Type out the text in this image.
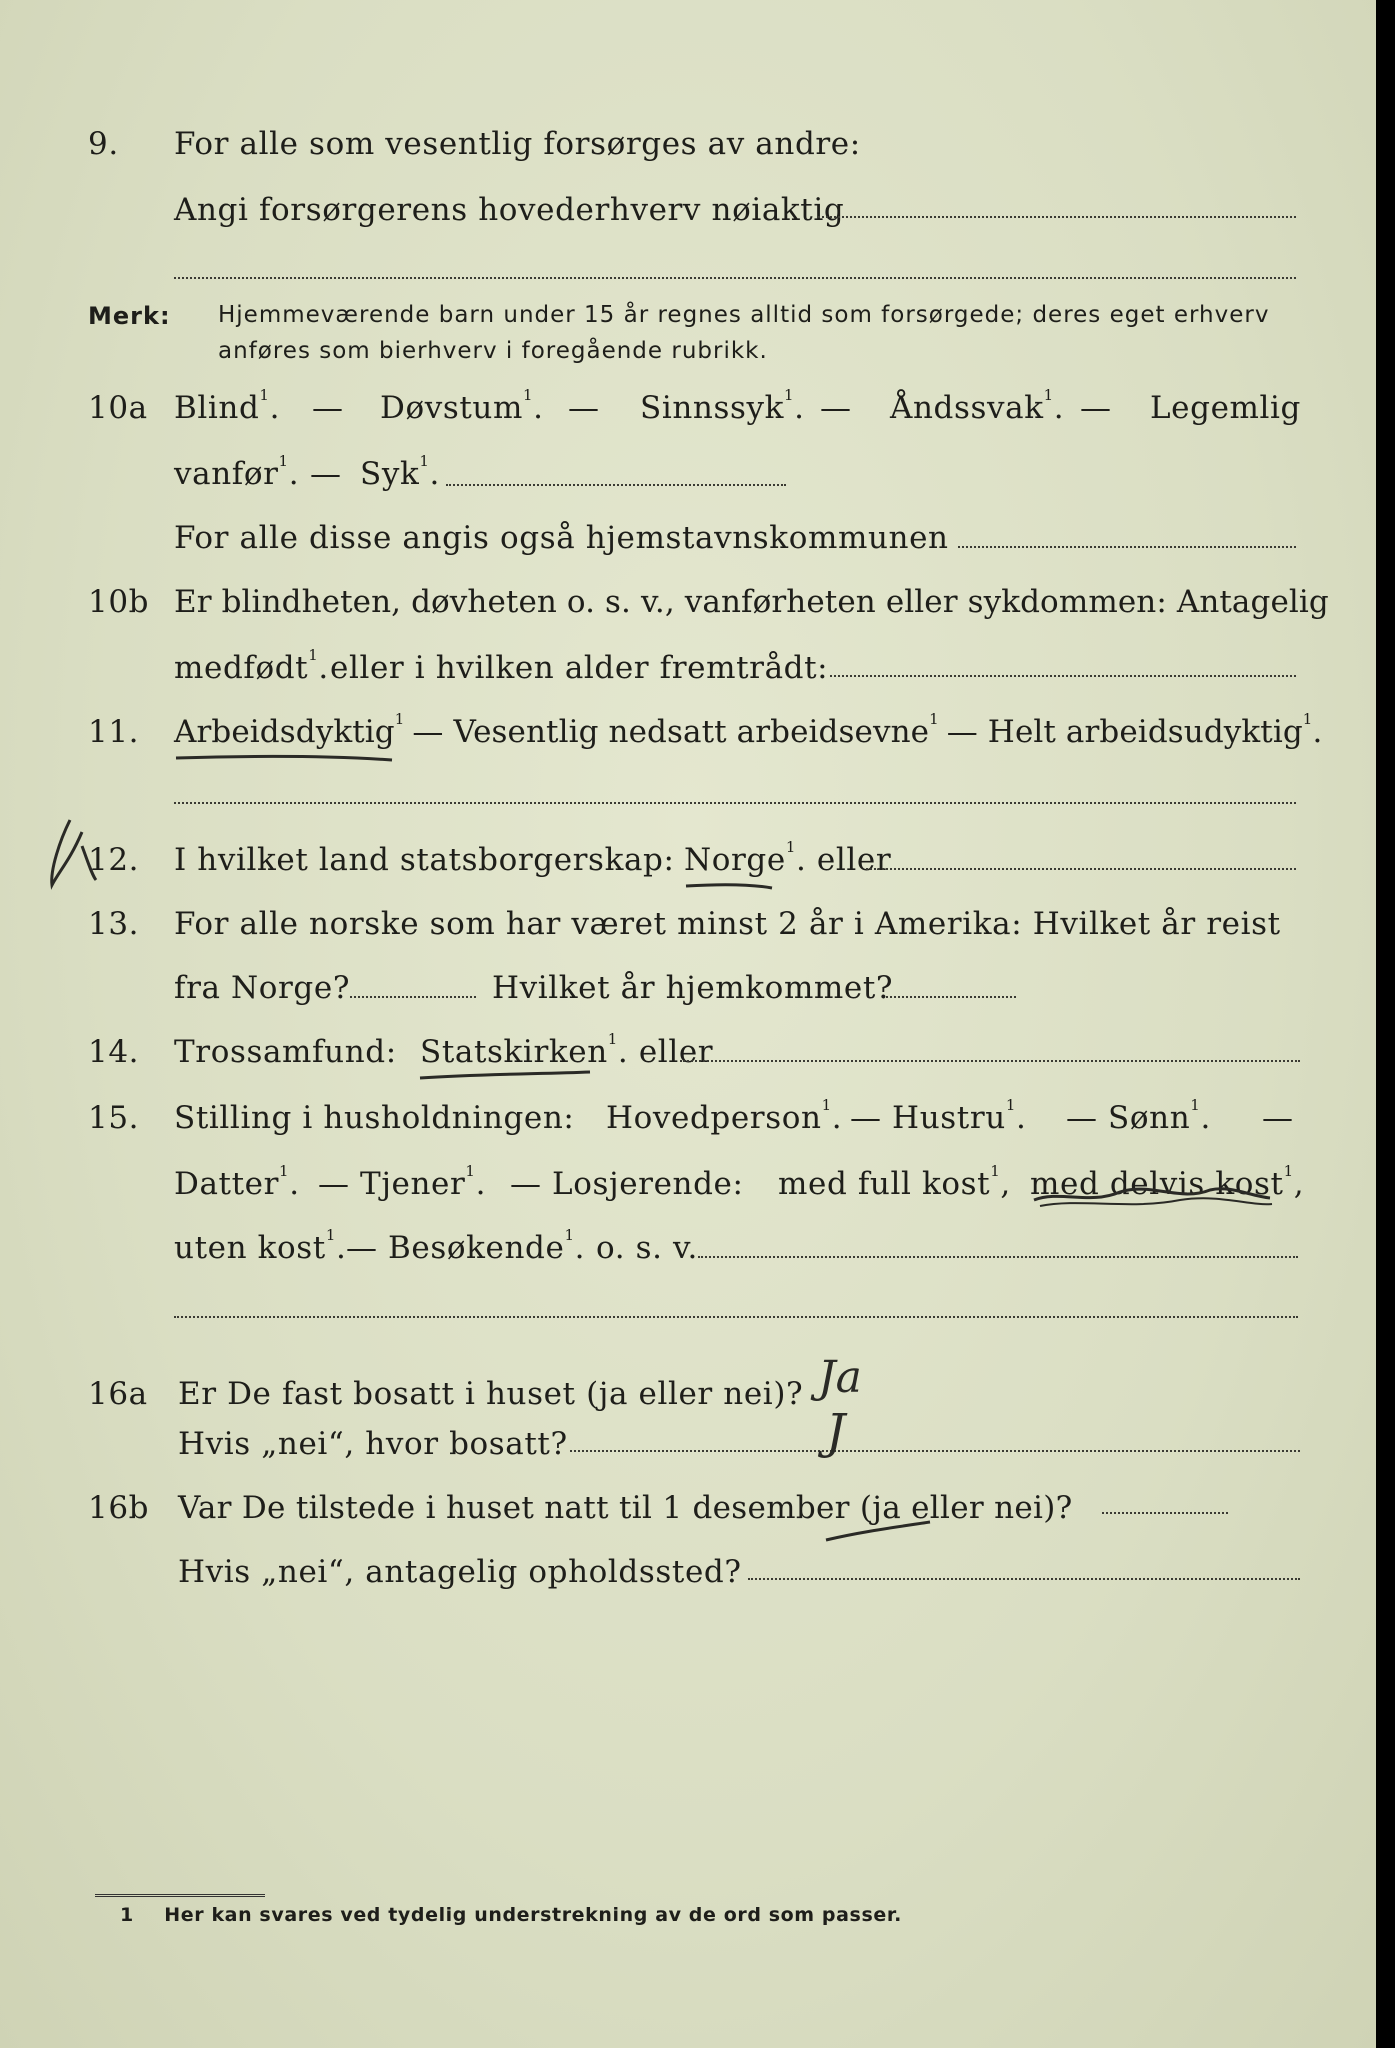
9.	For alle som vesentlig forsørges av andre:
Angi forsørgerens hovederhverv nøiaktig
Merk: Hjemmeværende barn under 15 år regnes alltid som forsørgede; deres eget erhverv
anføres som bierhverv i foregående rubrikk.
10a Blind$^1$. — Døvstum$^1$. — Sinnssyk$^1$. — Åndssvak$^1$. — Legemlig
vanfør$^1$. — Syk$^1$.
For alle disse angis også hjemstavnskommunen
10b Er blindheten, døvheten o. s. v., vanførheten eller sykdommen: Antagelig
medfødt$^1$. eller i hvilken alder fremtrådt:
11.	Arbeidsdyktig$^1$ — Vesentlig nedsatt arbeidsevne$^1$ — Helt arbeidsudyktig$^1$.
12.	I hvilket land statsborgerskap: Norge$^1$. eller
13.	For alle norske som har været minst 2 år i Amerika: Hvilket år reist
fra Norge?	Hvilket år hjemkommet?
14.	Trossamfund: Statskirken$^1$. eller
15.	Stilling i husholdningen: Hovedperson$^1$. — Hustru$^1$. — Sønn$^1$. —
Datter$^1$. — Tjener$^1$. — Losjerende: med full kost$^1$, med delvis kost$^1$,
uten kost$^1$. — Besøkende$^1$. o. s. v.
16a Er De fast bosatt i huset (ja eller nei)?
Hvis „nei“, hvor bosatt?
16b Var De tilstede i huset natt til 1 desember (ja eller nei)?
Hvis „nei“, antagelig opholdssted?
Ja
J
1 Her kan svares ved tydelig understrekning av de ord som passer.
